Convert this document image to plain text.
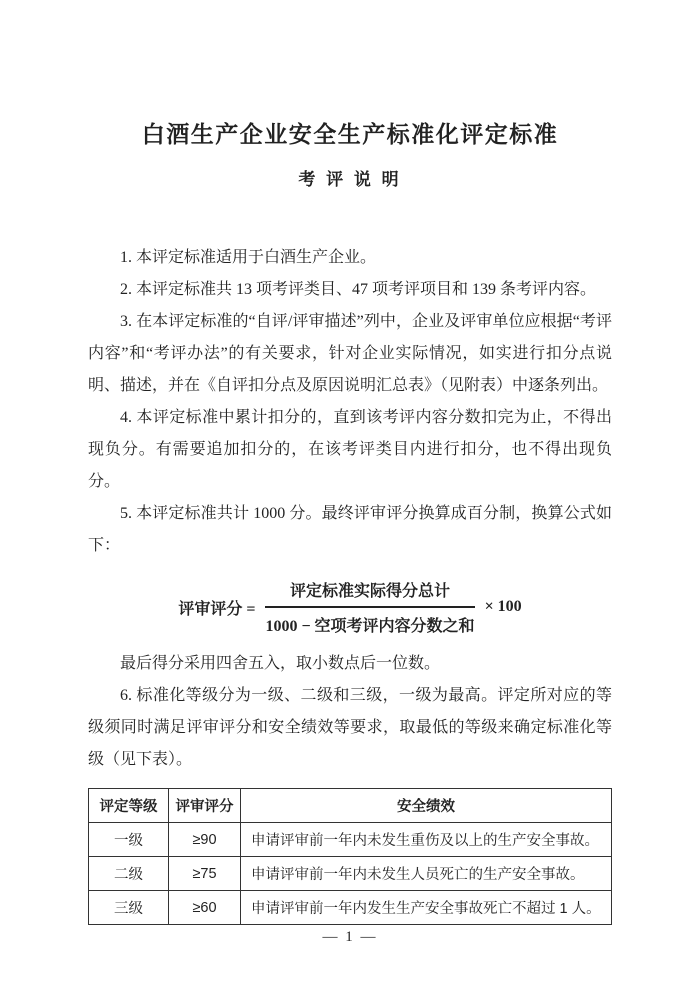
白酒生产企业安全生产标准化评定标准
考 评 说 明

1. 本评定标准适用于白酒生产企业。

2. 本评定标准共 13 项考评类目、47 项考评项目和 139 条考评内容。

3. 在本评定标准的“自评/评审描述”列中，企业及评审单位应根据“考评内容”和“考评办法”的有关要求，针对企业实际情况，如实进行扣分点说明、描述，并在《自评扣分点及原因说明汇总表》（见附表）中逐条列出。

4. 本评定标准中累计扣分的，直到该考评内容分数扣完为止，不得出现负分。有需要追加扣分的，在该考评类目内进行扣分，也不得出现负分。

5. 本评定标准共计 1000 分。最终评审评分换算成百分制，换算公式如下：

评审评分 = $\frac{\text{评定标准实际得分总计}}{\text{1000 − 空项考评内容分数之和}} \times 100$

最后得分采用四舍五入，取小数点后一位数。

6. 标准化等级分为一级、二级和三级，一级为最高。评定所对应的等级须同时满足评审评分和安全绩效等要求，取最低的等级来确定标准化等级（见下表）。

评定等级	评审评分	安全绩效
一级	≥90	申请评审前一年内未发生重伤及以上的生产安全事故。
二级	≥75	申请评审前一年内未发生人员死亡的生产安全事故。
三级	≥60	申请评审前一年内发生生产安全事故死亡不超过 1 人。
— 1 —
